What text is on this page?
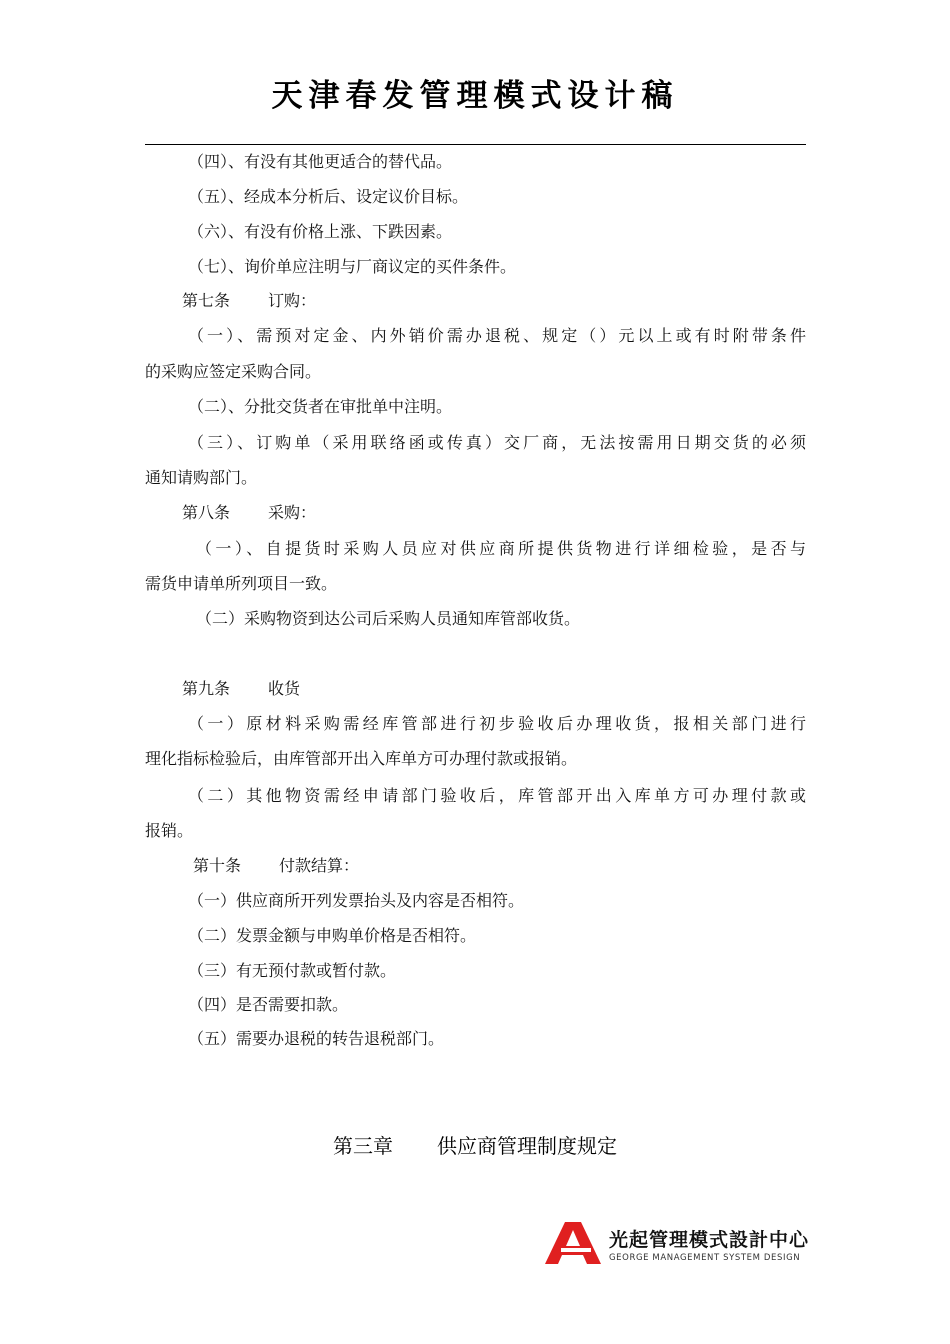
天津春发管理模式设计稿
（四）、有没有其他更适合的替代品。
（五）、经成本分析后、设定议价目标。
（六）、有没有价格上涨、下跌因素。
（七）、询价单应注明与厂商议定的买件条件。
第七条 订购：
（一）、需预对定金、内外销价需办退税、规定（）元以上或有时附带条件
的采购应签定采购合同。
（二）、分批交货者在审批单中注明。
（三）、订购单（采用联络函或传真）交厂商，无法按需用日期交货的必须
通知请购部门。
第八条 采购：
（一）、自提货时采购人员应对供应商所提供货物进行详细检验，是否与
需货申请单所列项目一致。
（二）采购物资到达公司后采购人员通知库管部收货。
第九条 收货
（一）原材料采购需经库管部进行初步验收后办理收货，报相关部门进行
理化指标检验后，由库管部开出入库单方可办理付款或报销。
（二）其他物资需经申请部门验收后，库管部开出入库单方可办理付款或
报销。
第十条 付款结算：
（一）供应商所开列发票抬头及内容是否相符。
（二）发票金额与申购单价格是否相符。
（三）有无预付款或暂付款。
（四）是否需要扣款。
（五）需要办退税的转告退税部门。
第三章 供应商管理制度规定
光起管理模式設計中心
GEORGE MANAGEMENT SYSTEM DESIGN
